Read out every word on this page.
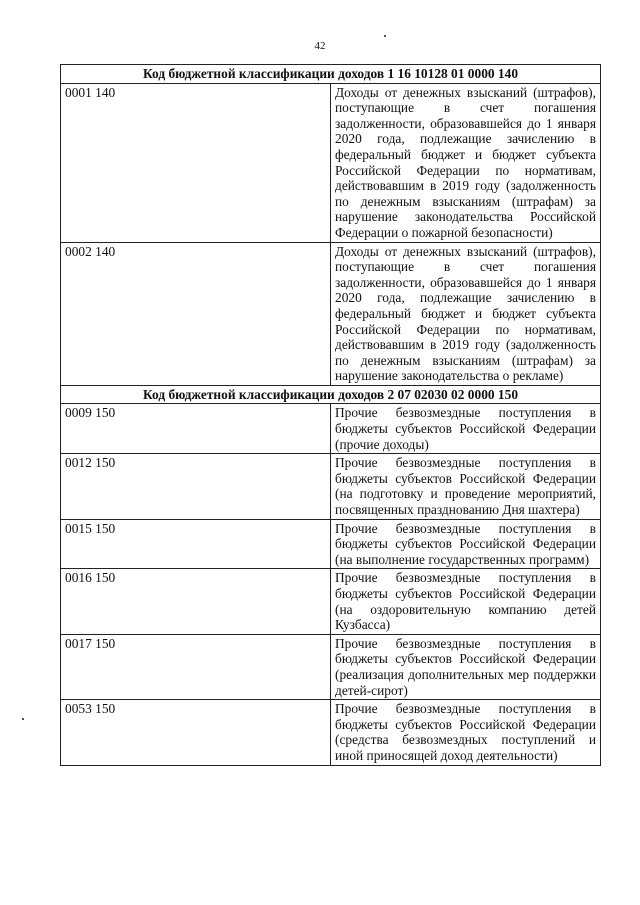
42
Код бюджетной классификации доходов 1 16 10128 01 0000 140	
0001 140	Доходы от денежных взысканий (штрафов), поступающие в счет погашения задолженности, образовавшейся до 1 января 2020 года, подлежащие зачислению в федеральный бюджет и бюджет субъекта Российской Федерации по нормативам, действовавшим в 2019 году (задолженность по денежным взысканиям (штрафам) за нарушение законодательства Российской Федерации о пожарной безопасности)
0002 140	Доходы от денежных взысканий (штрафов), поступающие в счет погашения задолженности, образовавшейся до 1 января 2020 года, подлежащие зачислению в федеральный бюджет и бюджет субъекта Российской Федерации по нормативам, действовавшим в 2019 году (задолженность по денежным взысканиям (штрафам) за нарушение законодательства о рекламе)
Код бюджетной классификации доходов 2 07 02030 02 0000 150	
0009 150	Прочие безвозмездные поступления в бюджеты субъектов Российской Федерации (прочие доходы)
0012 150	Прочие безвозмездные поступления в бюджеты субъектов Российской Федерации (на подготовку и проведение мероприятий, посвященных празднованию Дня шахтера)
0015 150	Прочие безвозмездные поступления в бюджеты субъектов Российской Федерации (на выполнение государственных программ)
0016 150	Прочие безвозмездные поступления в бюджеты субъектов Российской Федерации (на оздоровительную компанию детей Кузбасса)
0017 150	Прочие безвозмездные поступления в бюджеты субъектов Российской Федерации (реализация дополнительных мер поддержки детей-сирот)
0053 150	Прочие безвозмездные поступления в бюджеты субъектов Российской Федерации (средства безвозмездных поступлений и иной приносящей доход деятельности)
